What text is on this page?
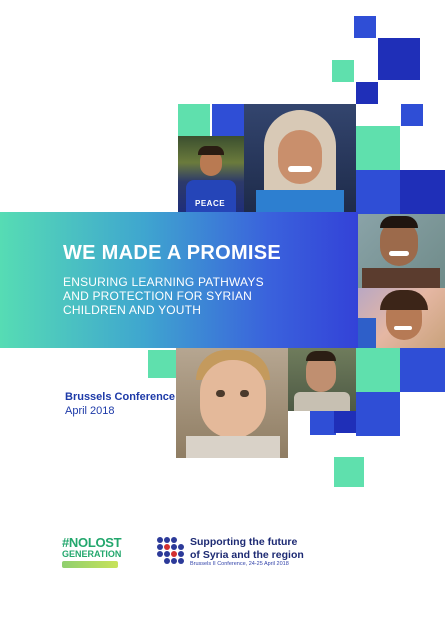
PEACE
WE MADE A PROMISE
ENSURING LEARNING PATHWAYS
AND PROTECTION FOR SYRIAN
CHILDREN AND YOUTH
Brussels Conference
April 2018
#NOLOST
GENERATION
Supporting the future
of Syria and the region
Brussels II Conference, 24-25 April 2018
